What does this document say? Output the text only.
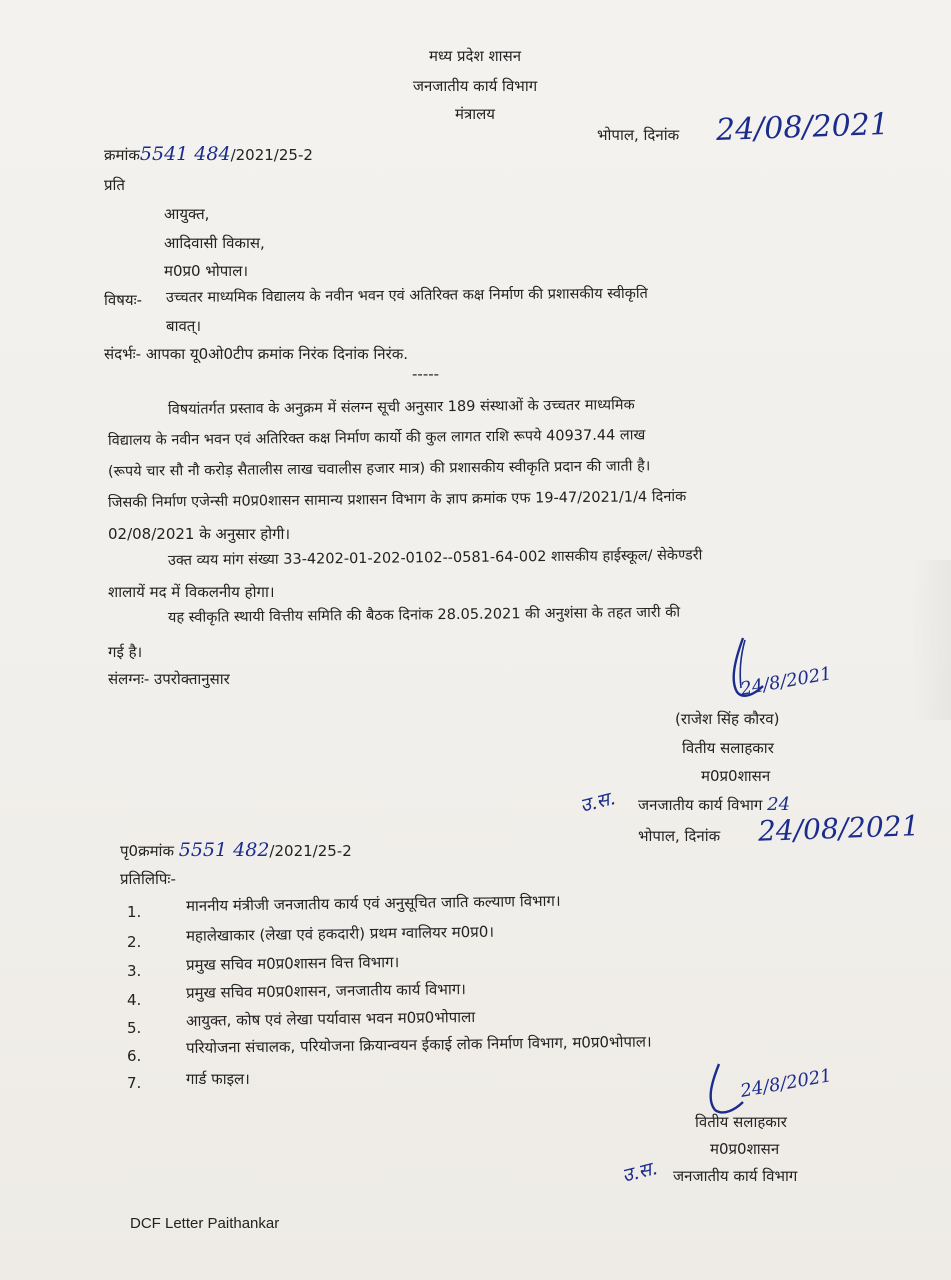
मध्य प्रदेश शासन
जनजातीय कार्य विभाग
मंत्रालय
भोपाल, दिनांक 24/08/2021
क्रमांक5541 484/2021/25-2
प्रति
आयुक्त,
आदिवासी विकास,
म0प्र0 भोपाल।
विषयः- उच्चतर माध्यमिक विद्यालय के नवीन भवन एवं अतिरिक्त कक्ष निर्माण की प्रशासकीय स्वीकृति
बावत्।
संदर्भः- आपका यू0ओ0टीप क्रमांक निरंक दिनांक निरंक.
-----
विषयांतर्गत प्रस्ताव के अनुक्रम में संलग्न सूची अनुसार 189 संस्थाओं के उच्चतर माध्यमिक
विद्यालय के नवीन भवन एवं अतिरिक्त कक्ष निर्माण कार्यो की कुल लागत राशि रूपये 40937.44 लाख
(रूपये चार सौ नौ करोड़ सैतालीस लाख चवालीस हजार मात्र) की प्रशासकीय स्वीकृति प्रदान की जाती है।
जिसकी निर्माण एजेन्सी म0प्र0शासन सामान्य प्रशासन विभाग के ज्ञाप क्रमांक एफ 19-47/2021/1/4 दिनांक
02/08/2021 के अनुसार होगी।
उक्त व्यय मांग संख्या 33-4202-01-202-0102--0581-64-002 शासकीय हाईस्कूल/ सेकेण्डरी
शालायें मद में विकलनीय होगा।
यह स्वीकृति स्थायी वित्तीय समिति की बैठक दिनांक 28.05.2021 की अनुशंसा के तहत जारी की
गई है।
संलग्नः- उपरोक्तानुसार	24/8/2021
(राजेश सिंह कौरव)
वितीय सलाहकार
म0प्र0शासन
उ.स. जनजातीय कार्य विभाग 24
भोपाल, दिनांक 24/08/2021
पृ0क्रमांक 5551 482/2021/25-2
प्रतिलिपिः-
1.	माननीय मंत्रीजी जनजातीय कार्य एवं अनुसूचित जाति कल्याण विभाग।
2.	महालेखाकार (लेखा एवं हकदारी) प्रथम ग्वालियर म0प्र0।
3.	प्रमुख सचिव म0प्र0शासन वित्त विभाग।
4.	प्रमुख सचिव म0प्र0शासन, जनजातीय कार्य विभाग।
5.	आयुक्त, कोष एवं लेखा पर्यावास भवन म0प्र0भोपाला
6.	परियोजना संचालक, परियोजना क्रियान्वयन ईकाई लोक निर्माण विभाग, म0प्र0भोपाल।
7.	गार्ड फाइल।	24/8/2021
वितीय सलाहकार
म0प्र0शासन
उ.स. जनजातीय कार्य विभाग
DCF Letter Paithankar
